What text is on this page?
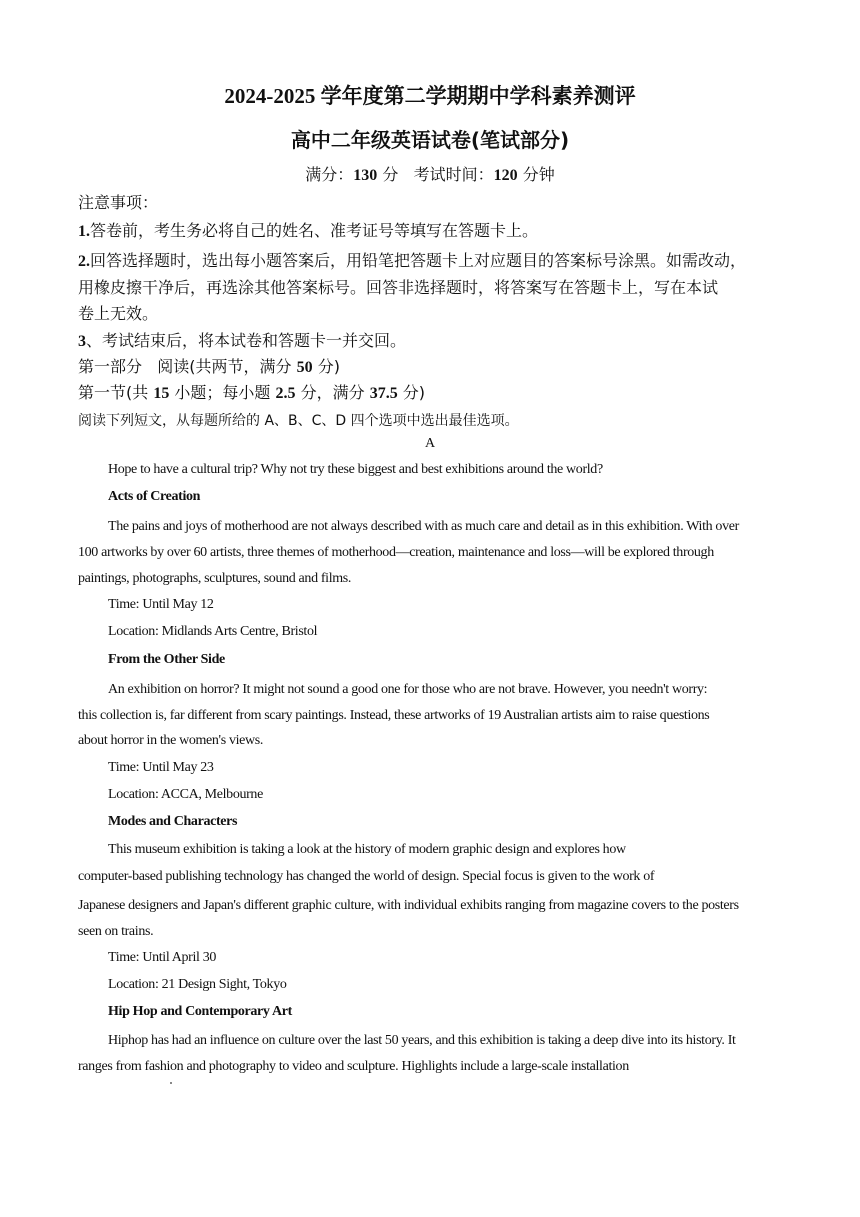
2024-2025 学年度第二学期期中学科素养测评
高中二年级英语试卷(笔试部分)
满分：130 分 考试时间：120 分钟
注意事项：
1.答卷前，考生务必将自己的姓名、准考证号等填写在答题卡上。
2.回答选择题时，选出每小题答案后，用铅笔把答题卡上对应题目的答案标号涂黑。如需改动，
用橡皮擦干净后，再选涂其他答案标号。回答非选择题时，将答案写在答题卡上，写在本试
卷上无效。
3、考试结束后，将本试卷和答题卡一并交回。
第一部分 阅读(共两节，满分 50 分)
第一节(共 15 小题；每小题 2.5 分，满分 37.5 分)
阅读下列短文，从每题所给的 A、B、C、D 四个选项中选出最佳选项。
A
Hope to have a cultural trip? Why not try these biggest and best exhibitions around the world?
Acts of Creation
The pains and joys of motherhood are not always described with as much care and detail as in this exhibition. With over
100 artworks by over 60 artists, three themes of motherhood—creation, maintenance and loss—will be explored through
paintings, photographs, sculptures, sound and films.
Time: Until May 12
Location: Midlands Arts Centre, Bristol
From the Other Side
An exhibition on horror? It might not sound a good one for those who are not brave. However, you needn't worry:
this collection is, far different from scary paintings. Instead, these artworks of 19 Australian artists aim to raise questions
about horror in the women's views.
Time: Until May 23
Location: ACCA, Melbourne
Modes and Characters
This museum exhibition is taking a look at the history of modern graphic design and explores how
computer-based publishing technology has changed the world of design. Special focus is given to the work of
Japanese designers and Japan's different graphic culture, with individual exhibits ranging from magazine covers to the posters
seen on trains.
Time: Until April 30
Location: 21 Design Sight, Tokyo
Hip Hop and Contemporary Art
Hiphop has had an influence on culture over the last 50 years, and this exhibition is taking a deep dive into its history. It
ranges from fashion and photography to video and sculpture. Highlights include a large-scale installation
